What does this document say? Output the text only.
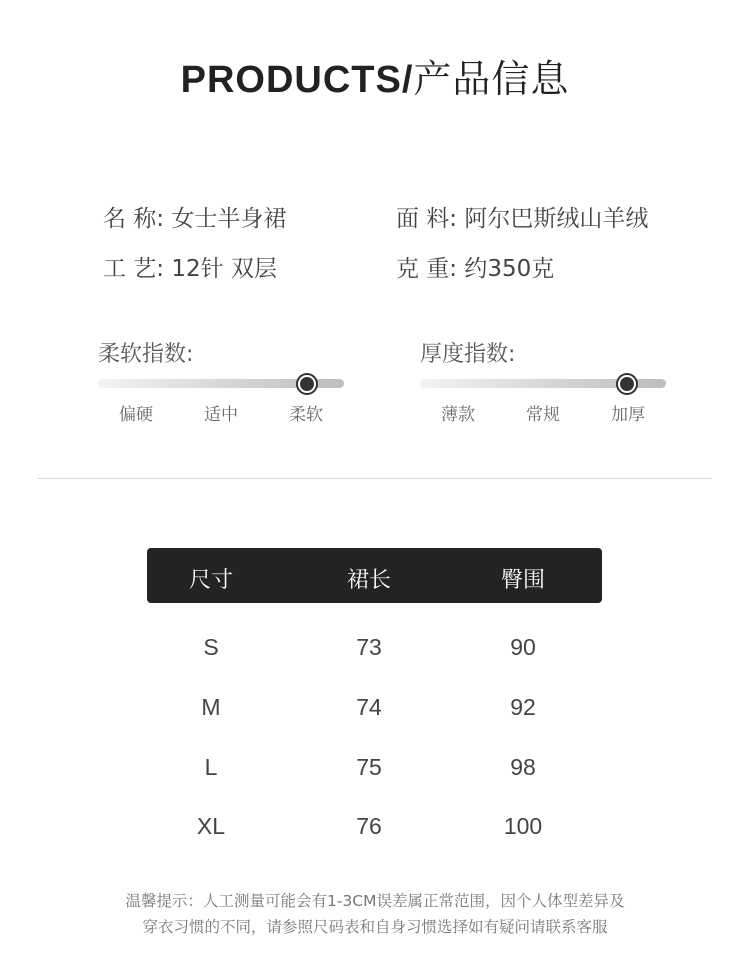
PRODUCTS/产品信息
名 称: 女士半身裙	面 料: 阿尔巴斯绒山羊绒
工 艺: 12针 双层	克 重: 约350克
柔软指数:
偏硬	适中	柔软
厚度指数:
薄款	常规	加厚
尺寸	裙长	臀围
S	73	90
M	74	92
L	75	98
XL	76	100
温馨提示：人工测量可能会有1-3CM误差属正常范围，因个人体型差异及
穿衣习惯的不同，请参照尺码表和自身习惯选择如有疑问请联系客服
